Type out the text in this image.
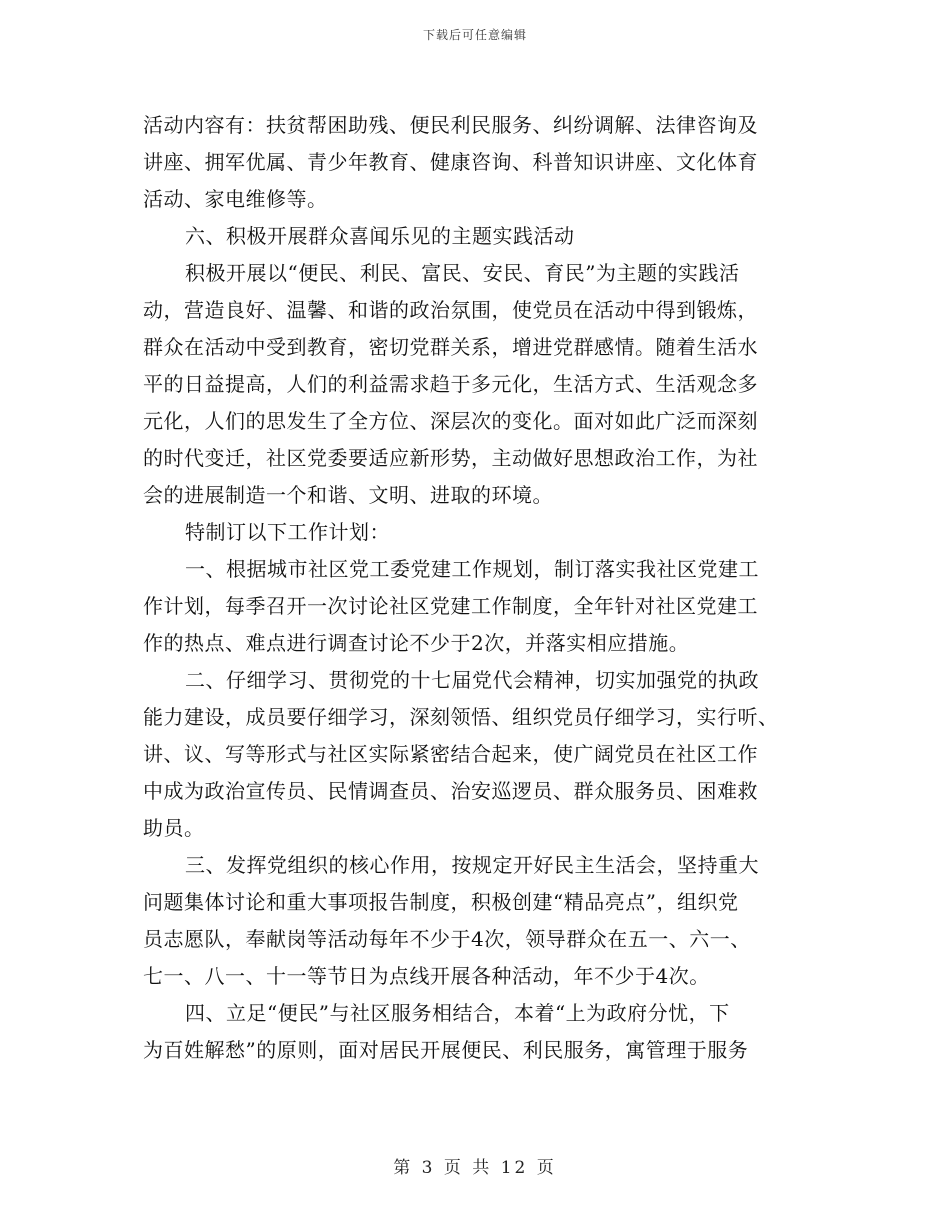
下载后可任意编辑

活动内容有：扶贫帮困助残、便民利民服务、纠纷调解、法律咨询及
讲座、拥军优属、青少年教育、健康咨询、科普知识讲座、文化体育
活动、家电维修等。

六、积极开展群众喜闻乐见的主题实践活动

积极开展以“便民、利民、富民、安民、育民”为主题的实践活
动，营造良好、温馨、和谐的政治氛围，使党员在活动中得到锻炼，
群众在活动中受到教育，密切党群关系，增进党群感情。随着生活水
平的日益提高，人们的利益需求趋于多元化，生活方式、生活观念多
元化，人们的思发生了全方位、深层次的变化。面对如此广泛而深刻
的时代变迁，社区党委要适应新形势，主动做好思想政治工作，为社
会的进展制造一个和谐、文明、进取的环境。

特制订以下工作计划：

一、根据城市社区党工委党建工作规划，制订落实我社区党建工
作计划，每季召开一次讨论社区党建工作制度，全年针对社区党建工
作的热点、难点进行调查讨论不少于2次，并落实相应措施。

二、仔细学习、贯彻党的十七届党代会精神，切实加强党的执政
能力建设，成员要仔细学习，深刻领悟、组织党员仔细学习，实行听、
讲、议、写等形式与社区实际紧密结合起来，使广阔党员在社区工作
中成为政治宣传员、民情调查员、治安巡逻员、群众服务员、困难救
助员。

三、发挥党组织的核心作用，按规定开好民主生活会，坚持重大
问题集体讨论和重大事项报告制度，积极创建“精品亮点”，组织党
员志愿队，奉献岗等活动每年不少于4次，领导群众在五一、六一、
七一、八一、十一等节日为点线开展各种活动，年不少于4次。

四、立足“便民”与社区服务相结合，本着“上为政府分忧，下
为百姓解愁”的原则，面对居民开展便民、利民服务，寓管理于服务

第 3 页 共 12 页
